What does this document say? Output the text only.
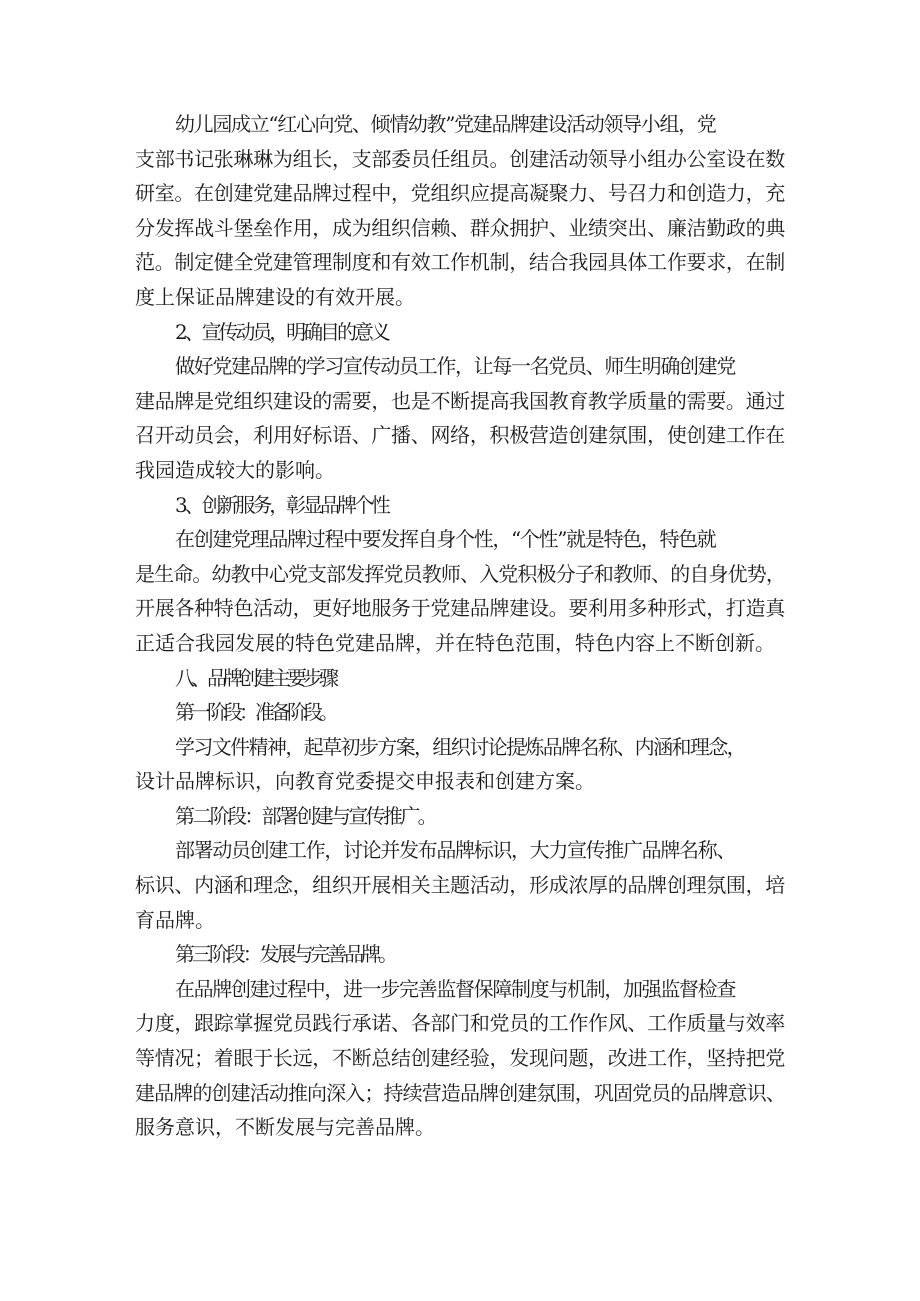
幼儿园成立“红心向党、倾情幼教”党建品牌建设活动领导小组，党
支部书记张琳琳为组长，支部委员任组员。创建活动领导小组办公室设在数
研室。在创建党建品牌过程中，党组织应提高凝聚力、号召力和创造力，充
分发挥战斗堡垒作用，成为组织信赖、群众拥护、业绩突出、廉洁勤政的典
范。制定健全党建管理制度和有效工作机制，结合我园具体工作要求，在制
度上保证品牌建设的有效开展。
2、宣传动员，明确目的意义
做好党建品牌的学习宣传动员工作，让每一名党员、师生明确创建党
建品牌是党组织建设的需要，也是不断提高我国教育教学质量的需要。通过
召开动员会，利用好标语、广播、网络，积极营造创建氛围，使创建工作在
我园造成较大的影响。
3、创新服务，彰显品牌个性
在创建党理品牌过程中要发挥自身个性，“个性”就是特色，特色就
是生命。幼教中心党支部发挥党员教师、入党积极分子和教师、的自身优势，
开展各种特色活动，更好地服务于党建品牌建设。要利用多种形式，打造真
正适合我园发展的特色党建品牌，并在特色范围，特色内容上不断创新。
八、品牌创建主要步骤
第一阶段：准备阶段。
学习文件精神，起草初步方案，组织讨论提炼品牌名称、内涵和理念，
设计品牌标识，向教育党委提交申报表和创建方案。
第二阶段：部署创建与宣传推广。
部署动员创建工作，讨论并发布品牌标识，大力宣传推广品牌名称、
标识、内涵和理念，组织开展相关主题活动，形成浓厚的品牌创理氛围，培
育品牌。
第三阶段：发展与完善品牌。
在品牌创建过程中，进一步完善监督保障制度与机制，加强监督检查
力度，跟踪掌握党员践行承诺、各部门和党员的工作作风、工作质量与效率
等情况；着眼于长远，不断总结创建经验，发现问题，改进工作，坚持把党
建品牌的创建活动推向深入；持续营造品牌创建氛围，巩固党员的品牌意识、
服务意识，不断发展与完善品牌。
